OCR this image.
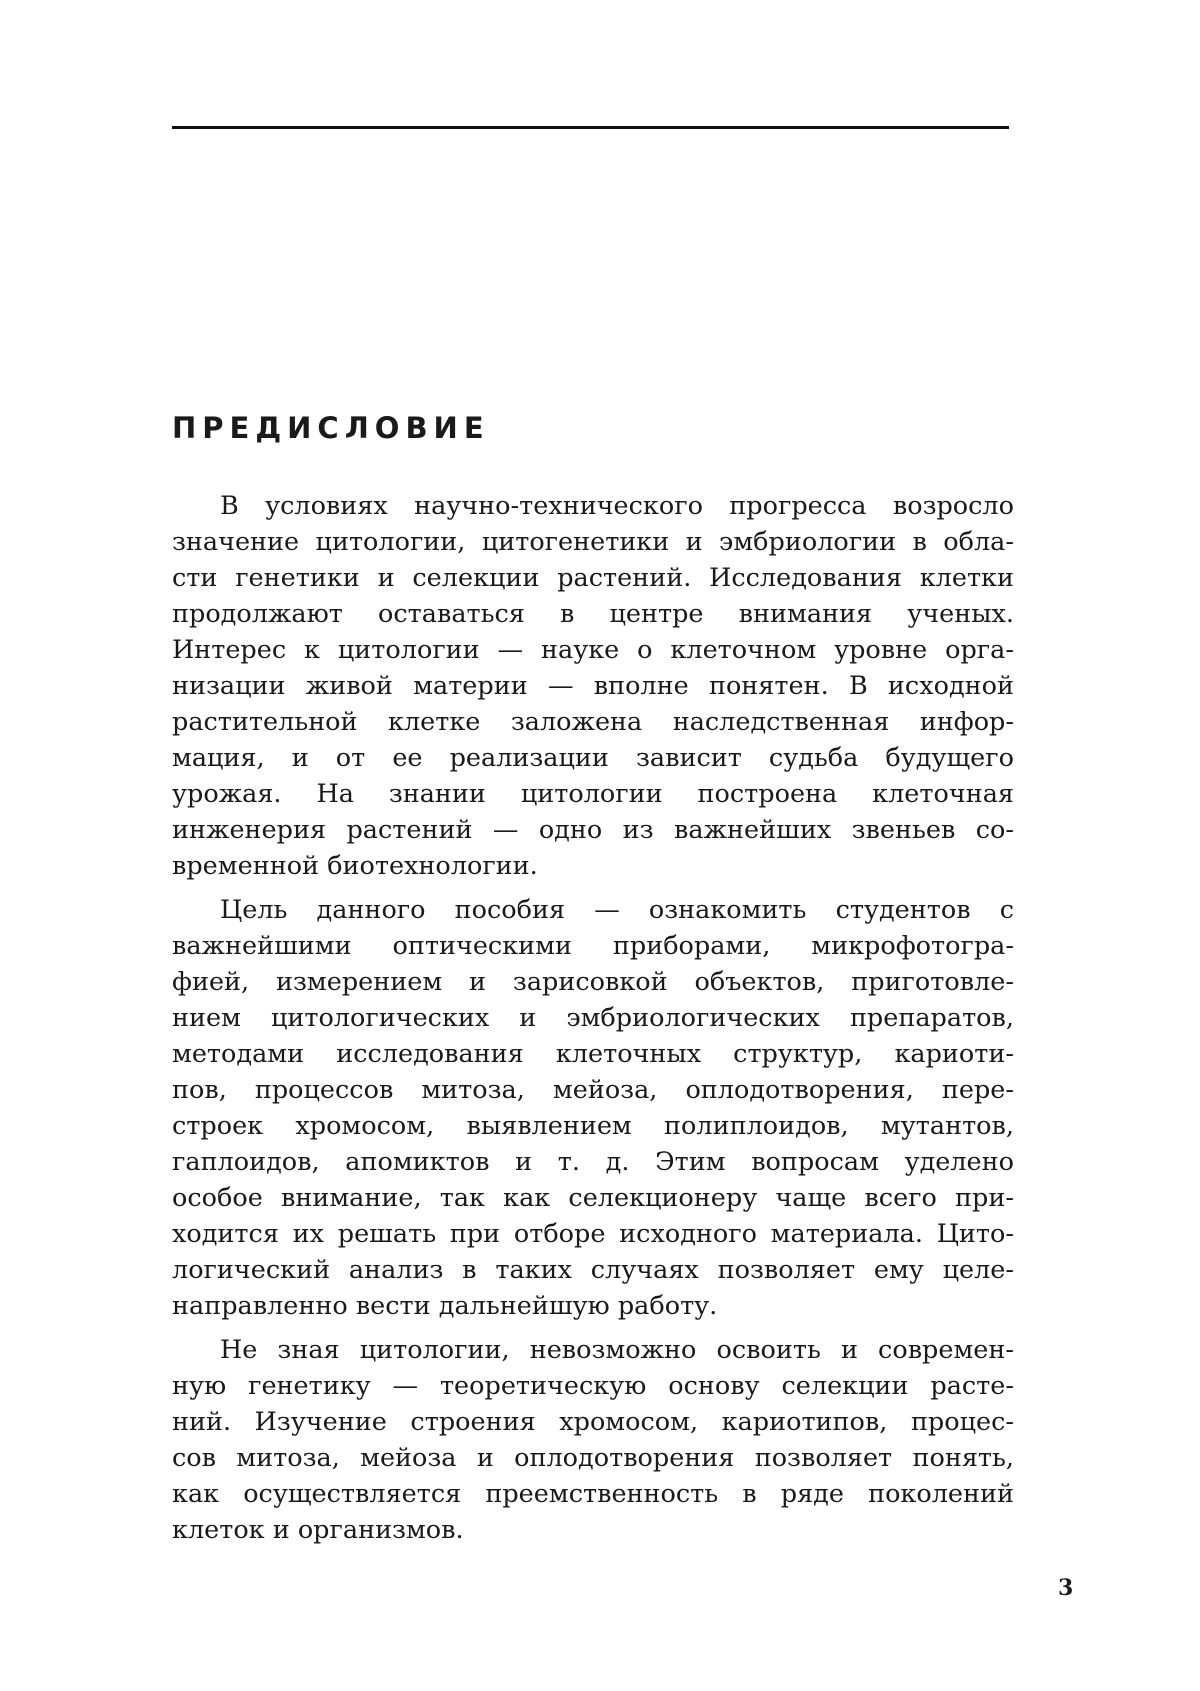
ПРЕДИСЛОВИЕ

В условиях научно-технического прогресса возросло
значение цитологии, цитогенетики и эмбриологии в обла-
сти генетики и селекции растений. Исследования клетки
продолжают оставаться в центре внимания ученых.
Интерес к цитологии — науке о клеточном уровне орга-
низации живой материи — вполне понятен. В исходной
растительной клетке заложена наследственная инфор-
мация, и от ее реализации зависит судьба будущего
урожая. На знании цитологии построена клеточная
инженерия растений — одно из важнейших звеньев со-
временной биотехнологии.

Цель данного пособия — ознакомить студентов с
важнейшими оптическими приборами, микрофотогра-
фией, измерением и зарисовкой объектов, приготовле-
нием цитологических и эмбриологических препаратов,
методами исследования клеточных структур, кариоти-
пов, процессов митоза, мейоза, оплодотворения, пере-
строек хромосом, выявлением полиплоидов, мутантов,
гаплоидов, апомиктов и т. д. Этим вопросам уделено
особое внимание, так как селекционеру чаще всего при-
ходится их решать при отборе исходного материала. Цито-
логический анализ в таких случаях позволяет ему целе-
направленно вести дальнейшую работу.

Не зная цитологии, невозможно освоить и современ-
ную генетику — теоретическую основу селекции расте-
ний. Изучение строения хромосом, кариотипов, процес-
сов митоза, мейоза и оплодотворения позволяет понять,
как осуществляется преемственность в ряде поколений
клеток и организмов.

3
